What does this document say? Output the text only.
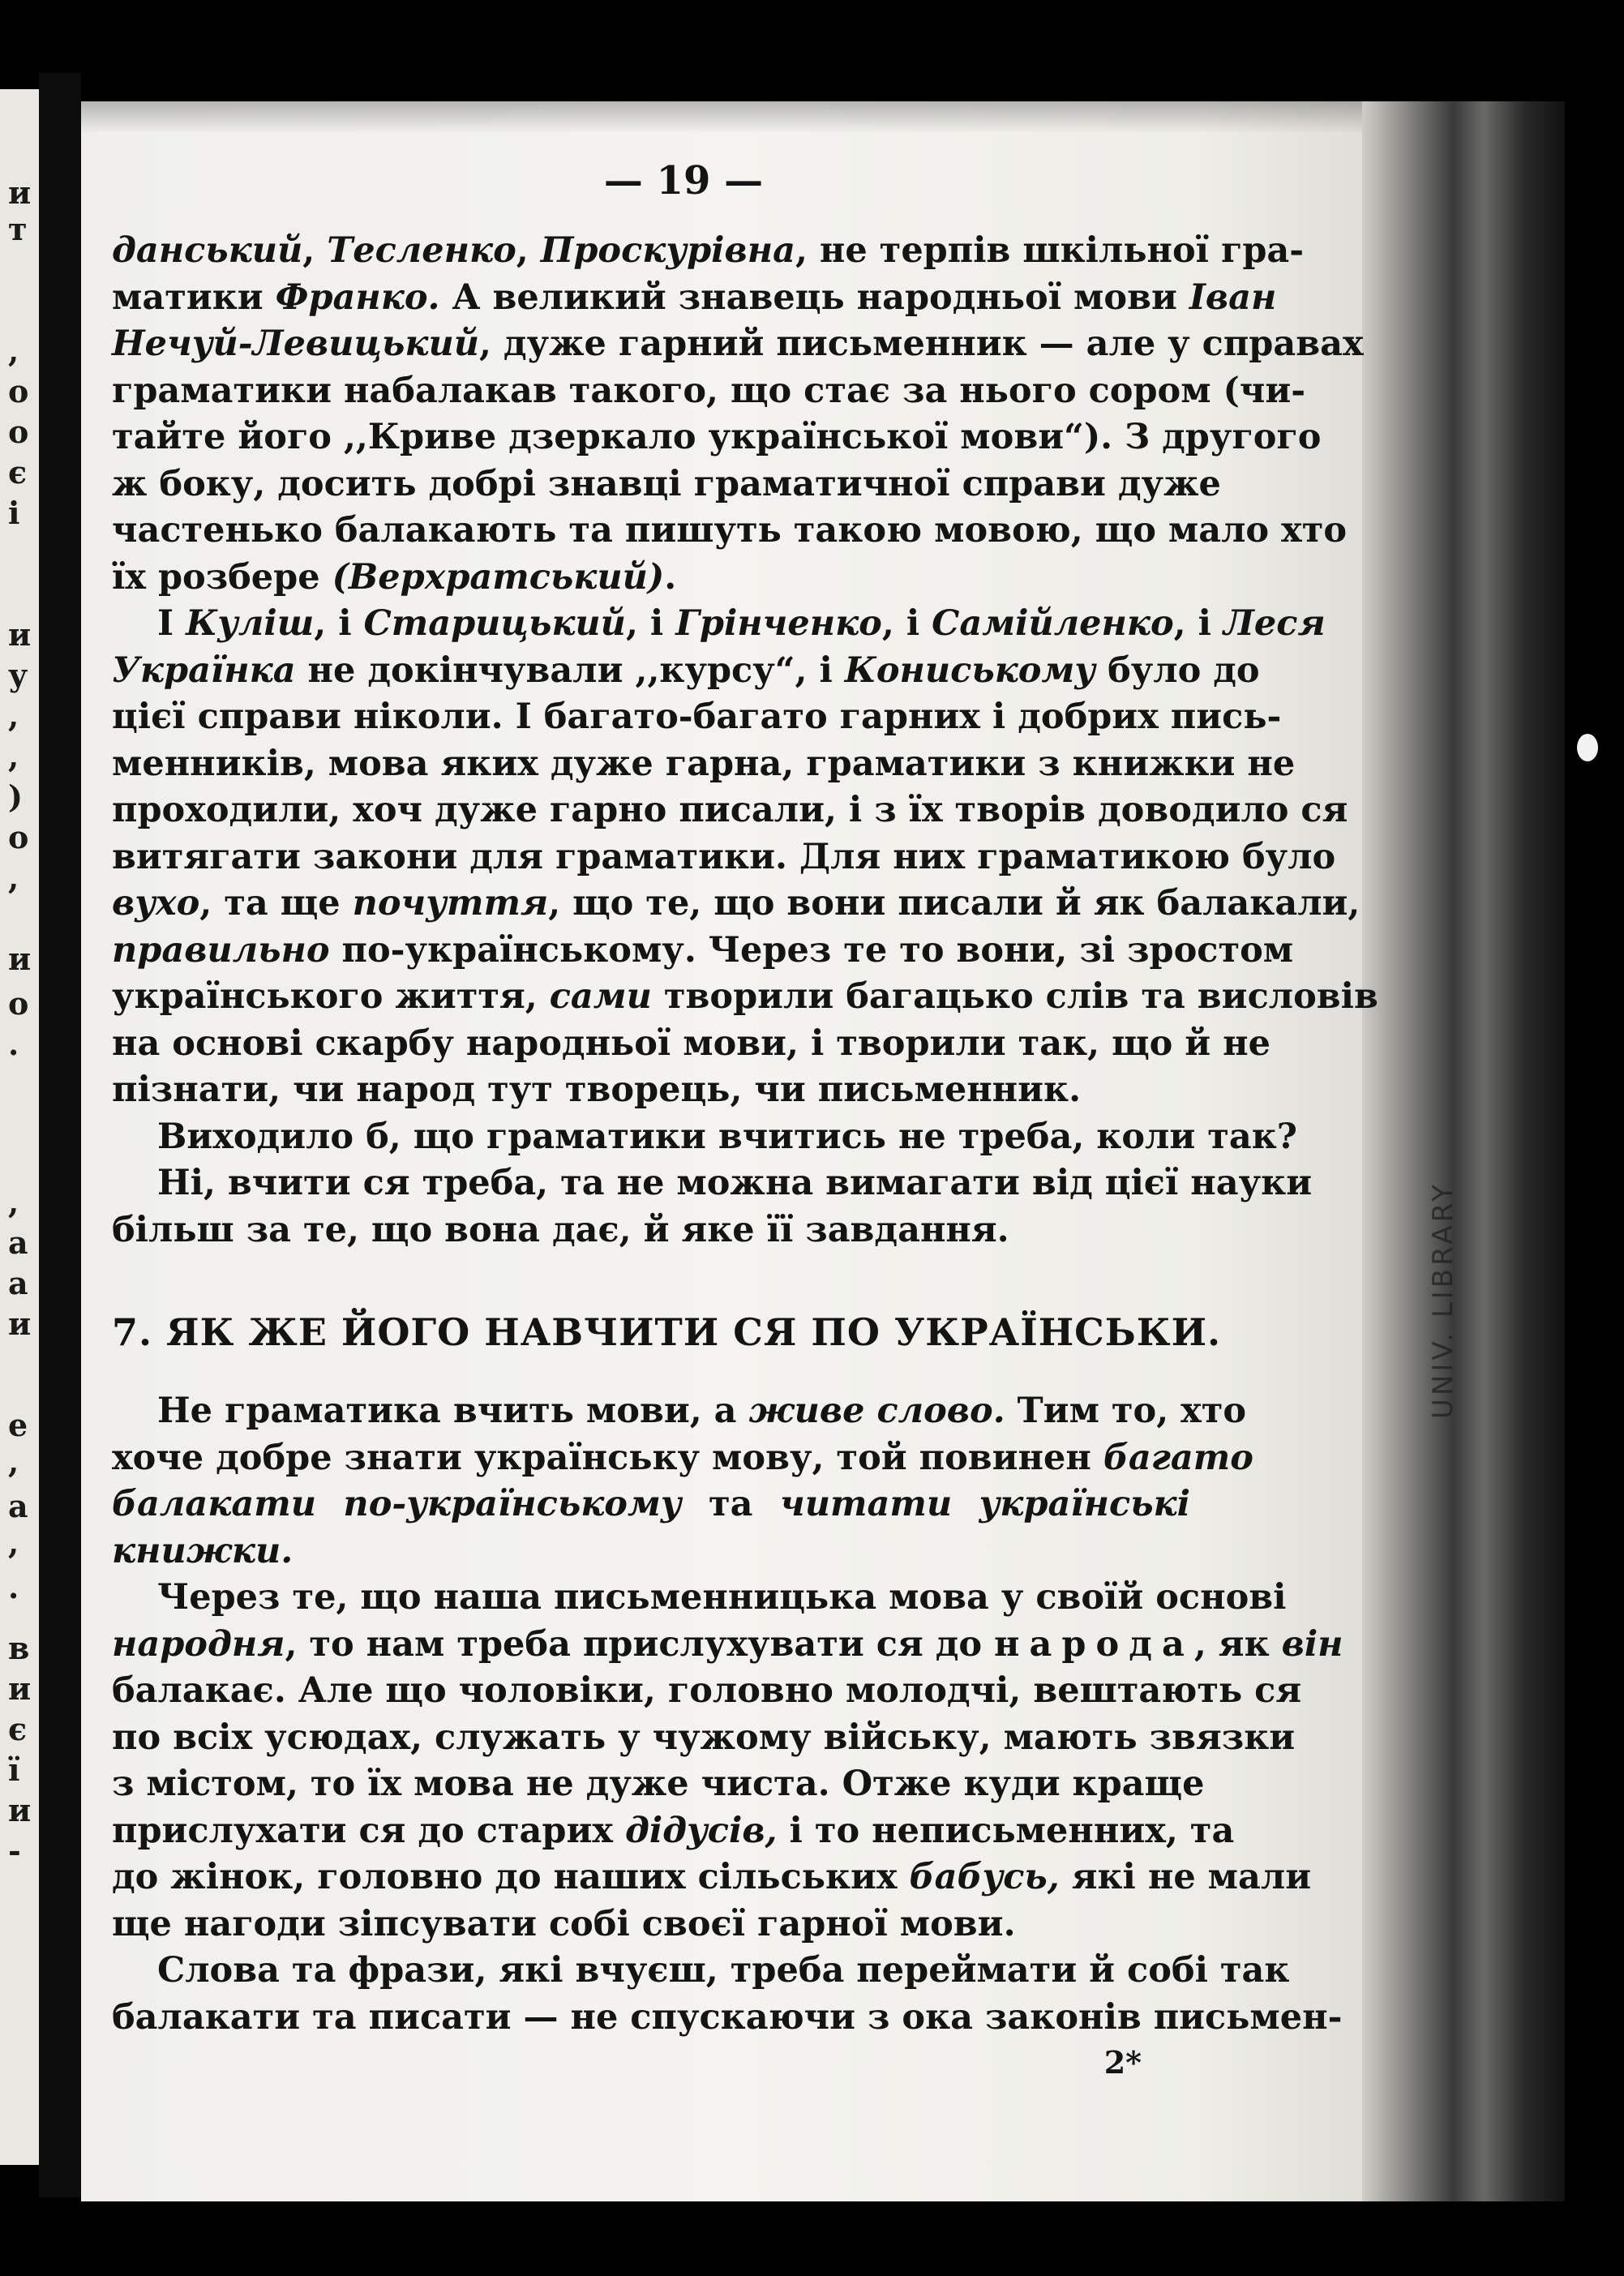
и
т
,
о
о
є
і
и
у
,
,
)
о
,
и
о
.
,
а
а
и
е
,
а
,
.
в
и
є
ї
и
-
UNIV. LIBRARY
— 19 —
данський, Тесленко, Проскурівна, не терпів шкільної гра-
матики Франко. А великий знавець народньої мови Іван
Нечуй-Левицький, дуже гарний письменник — але у справах
граматики набалакав такого, що стає за нього сором (чи-
тайте його ,,Криве дзеркало української мови“). З другого
ж боку, досить добрі знавці граматичної справи дуже
частенько балакають та пишуть такою мовою, що мало хто
їх розбере (Верхратський).
І Куліш, і Старицький, і Грінченко, і Самійленко, і Леся
Українка не докінчували ,,курсу“, і Кониському було до
цієї справи ніколи. І багато-багато гарних і добрих пись-
менників, мова яких дуже гарна, граматики з книжки не
проходили, хоч дуже гарно писали, і з їх творів доводило ся
витягати закони для граматики. Для них граматикою було
вухо, та ще почуття, що те, що вони писали й як балакали,
правильно по-українському. Через те то вони, зі зростом
українського життя, сами творили багацько слів та висловів
на основі скарбу народньої мови, і творили так, що й не
пізнати, чи народ тут творець, чи письменник.
Виходило б, що граматики вчитись не треба, коли так?
Ні, вчити ся треба, та не можна вимагати від цієї науки
більш за те, що вона дає, й яке її завдання.
7. ЯК ЖЕ ЙОГО НАВЧИТИ СЯ ПО УКРАЇНСЬКИ.
Не граматика вчить мови, а живе слово. Тим то, хто
хоче добре знати українську мову, той повинен багато
балакати по-українському та читати українські
книжки.
Через те, що наша письменницька мова у своїй основі
народня, то нам треба прислухувати ся до народа, як він
балакає. Але що чоловіки, головно молодчі, вештають ся
по всіх усюдах, служать у чужому війську, мають звязки
з містом, то їх мова не дуже чиста. Отже куди краще
прислухати ся до старих дідусів, і то неписьменних, та
до жінок, головно до наших сільських бабусь, які не мали
ще нагоди зіпсувати собі своєї гарної мови.
Слова та фрази, які вчуєш, треба переймати й собі так
балакати та писати — не спускаючи з ока законів письмен-
2*
